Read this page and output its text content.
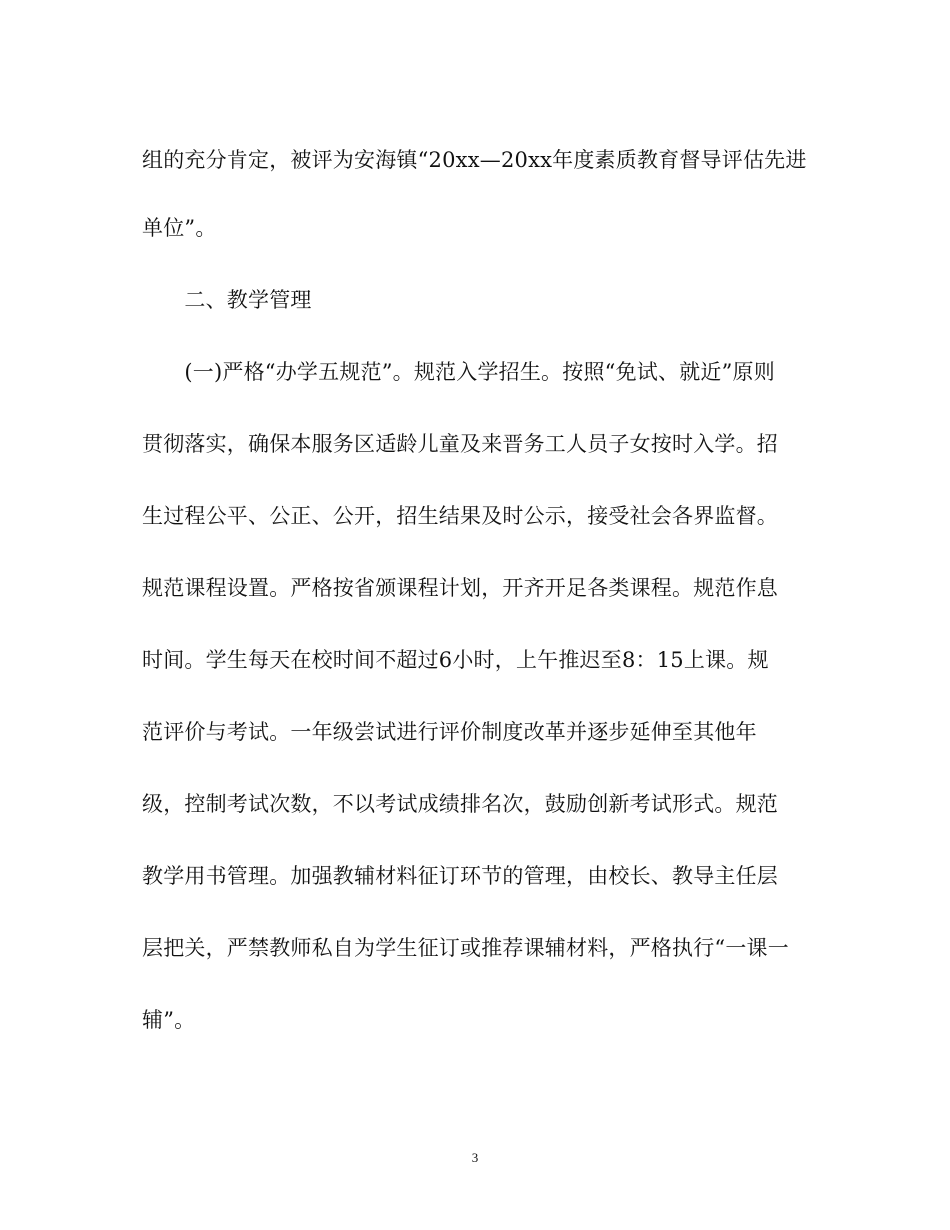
组的充分肯定，被评为安海镇“20xx—20xx年度素质教育督导评估先进
单位”。
　　二、教学管理
　　(一)严格“办学五规范”。规范入学招生。按照“免试、就近”原则
贯彻落实，确保本服务区适龄儿童及来晋务工人员子女按时入学。招
生过程公平、公正、公开，招生结果及时公示，接受社会各界监督。
规范课程设置。严格按省颁课程计划，开齐开足各类课程。规范作息
时间。学生每天在校时间不超过6小时，上午推迟至8：15上课。规
范评价与考试。一年级尝试进行评价制度改革并逐步延伸至其他年
级，控制考试次数，不以考试成绩排名次，鼓励创新考试形式。规范
教学用书管理。加强教辅材料征订环节的管理，由校长、教导主任层
层把关，严禁教师私自为学生征订或推荐课辅材料，严格执行“一课一
辅”。
3
